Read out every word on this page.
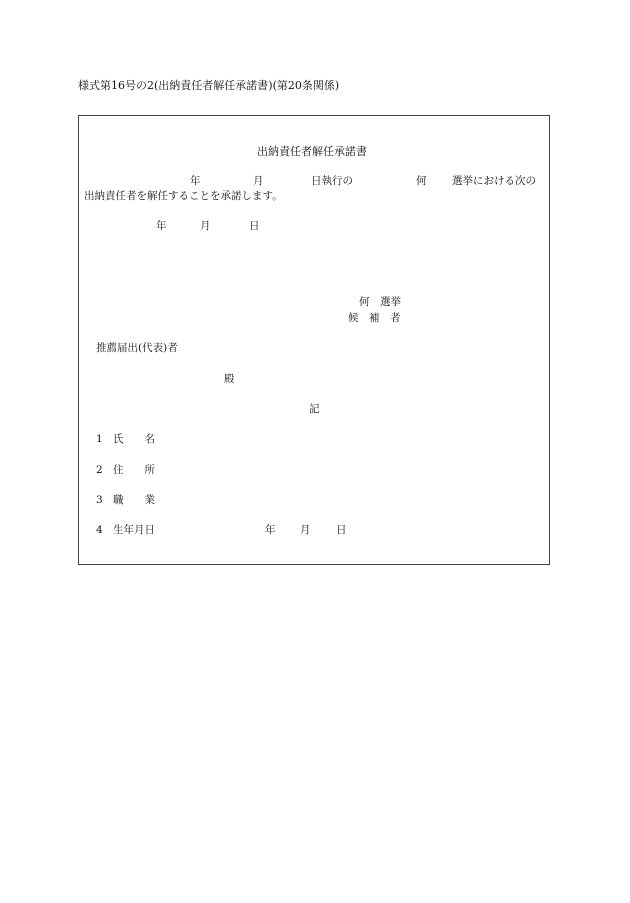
様式第16号の2(出納責任者解任承諾書)(第20条関係)
出納責任者解任承諾書
年	月	日執行の	何 選挙における次の
出納責任者を解任することを承諾します。
年	月	日
何　選挙
候　補　者
推薦届出(代表)者
殿
記
1 氏　　名
2 住　　所
3 職　　業
4 生年月日	年 月 日
